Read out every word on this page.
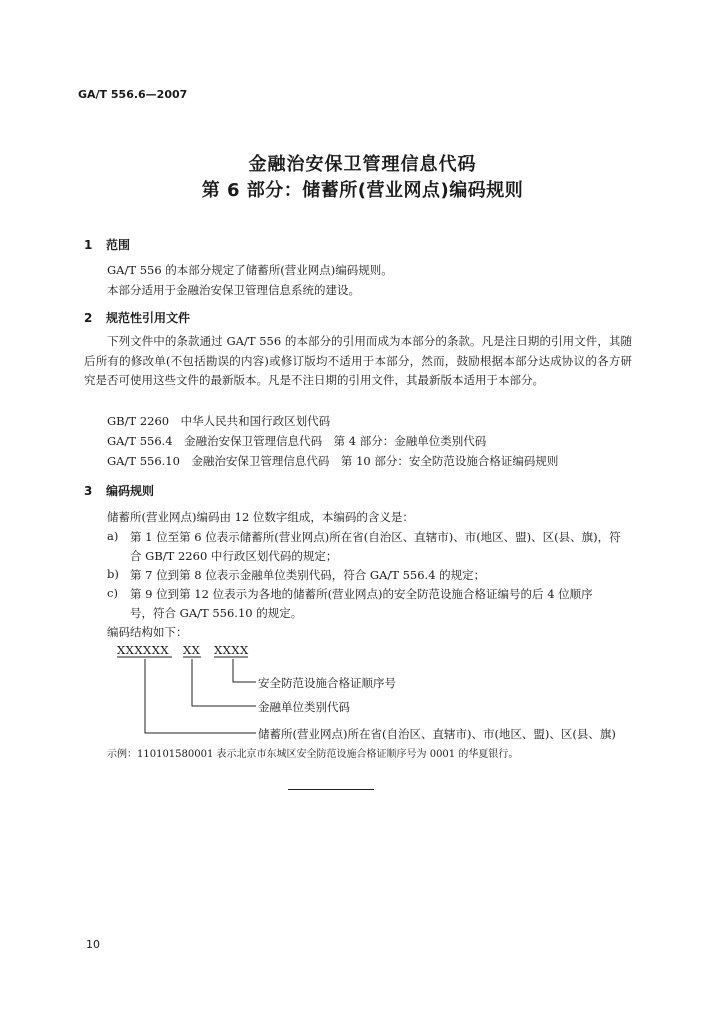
GA/T 556.6—2007
金融治安保卫管理信息代码
第 6 部分：储蓄所(营业网点)编码规则
1 范围
GA/T 556 的本部分规定了储蓄所(营业网点)编码规则。
本部分适用于金融治安保卫管理信息系统的建设。
2 规范性引用文件
下列文件中的条款通过 GA/T 556 的本部分的引用而成为本部分的条款。凡是注日期的引用文件，其随后所有的修改单(不包括勘误的内容)或修订版均不适用于本部分，然而，鼓励根据本部分达成协议的各方研究是否可使用这些文件的最新版本。凡是不注日期的引用文件，其最新版本适用于本部分。
GB/T 2260　中华人民共和国行政区划代码
GA/T 556.4　金融治安保卫管理信息代码　第 4 部分：金融单位类别代码
GA/T 556.10　金融治安保卫管理信息代码　第 10 部分：安全防范设施合格证编码规则
3 编码规则
储蓄所(营业网点)编码由 12 位数字组成，本编码的含义是：
a) 第 1 位至第 6 位表示储蓄所(营业网点)所在省(自治区、直辖市)、市(地区、盟)、区(县、旗)，符
合 GB/T 2260 中行政区划代码的规定；
b) 第 7 位到第 8 位表示金融单位类别代码，符合 GA/T 556.4 的规定；
c) 第 9 位到第 12 位表示为各地的储蓄所(营业网点)的安全防范设施合格证编号的后 4 位顺序
号，符合 GA/T 556.10 的规定。
编码结构如下：
XXXXXX XX XXXX
安全防范设施合格证顺序号
金融单位类别代码
储蓄所(营业网点)所在省(自治区、直辖市)、市(地区、盟)、区(县、旗)
示例：110101580001 表示北京市东城区安全防范设施合格证顺序号为 0001 的华夏银行。
10
